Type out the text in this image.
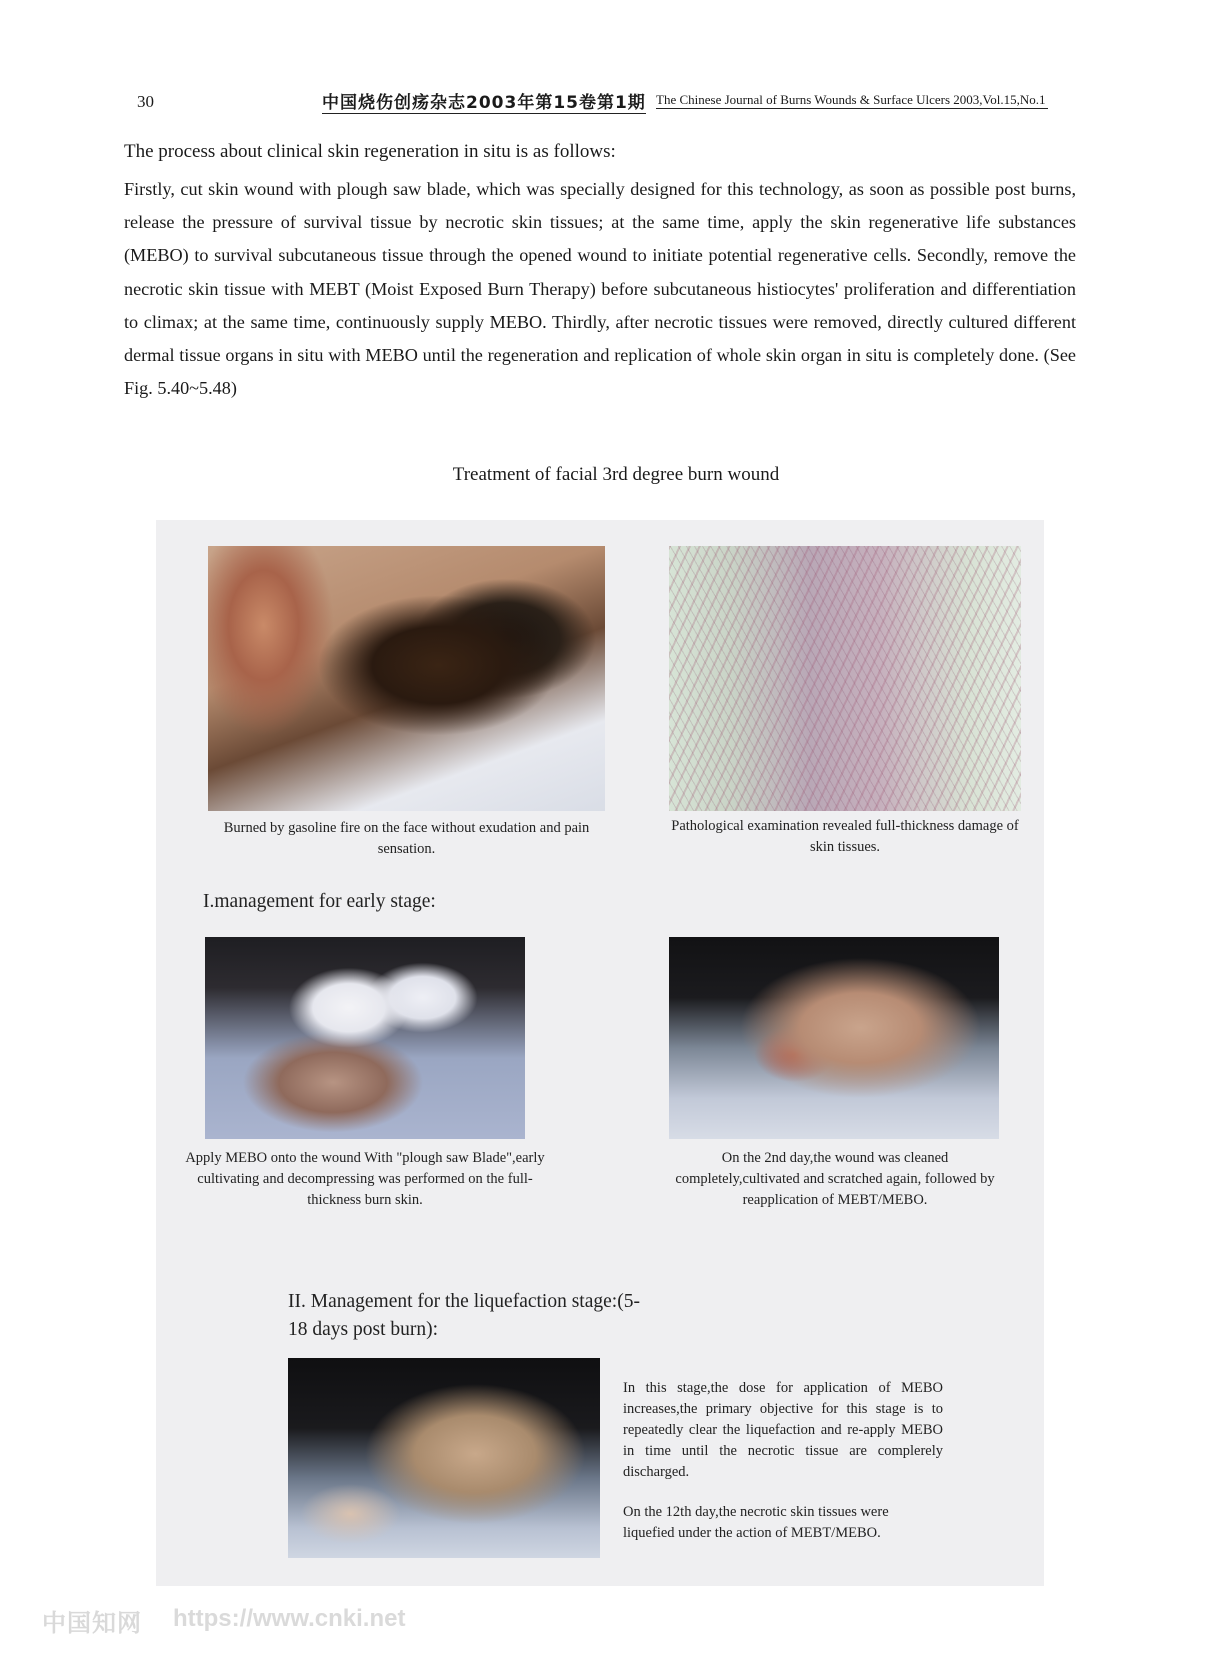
30	中国烧伤创疡杂志2003年第15卷第1期 The Chinese Journal of Burns Wounds & Surface Ulcers 2003,Vol.15,No.1
The process about clinical skin regeneration in situ is as follows:
Firstly, cut skin wound with plough saw blade, which was specially designed for this technology, as soon as possible post burns, release the pressure of survival tissue by necrotic skin tissues; at the same time, apply the skin regenerative life substances (MEBO) to survival subcutaneous tissue through the opened wound to initiate potential regenerative cells. Secondly, remove the necrotic skin tissue with MEBT (Moist Exposed Burn Therapy) before subcutaneous histiocytes' proliferation and differentiation to climax; at the same time, continuously supply MEBO. Thirdly, after necrotic tissues were removed, directly cultured different dermal tissue organs in situ with MEBO until the regeneration and replication of whole skin organ in situ is completely done. (See Fig. 5.40~5.48)
Treatment of facial 3rd degree burn wound
Burned by gasoline fire on the face without exudation and pain sensation.
Pathological examination revealed full-thickness damage of skin tissues.
I.management for early stage:
Apply MEBO onto the wound With "plough saw Blade",early cultivating and decompressing was performed on the full-thickness burn skin.
On the 2nd day,the wound was cleaned completely,cultivated and scratched again, followed by reapplication of MEBT/MEBO.
II. Management for the liquefaction stage:(5-18 days post burn):
In this stage,the dose for application of MEBO increases,the primary objective for this stage is to repeatedly clear the liquefaction and re-apply MEBO in time until the necrotic tissue are complerely discharged.
On the 12th day,the necrotic skin tissues were liquefied under the action of MEBT/MEBO.
中国知网 https://www.cnki.net
